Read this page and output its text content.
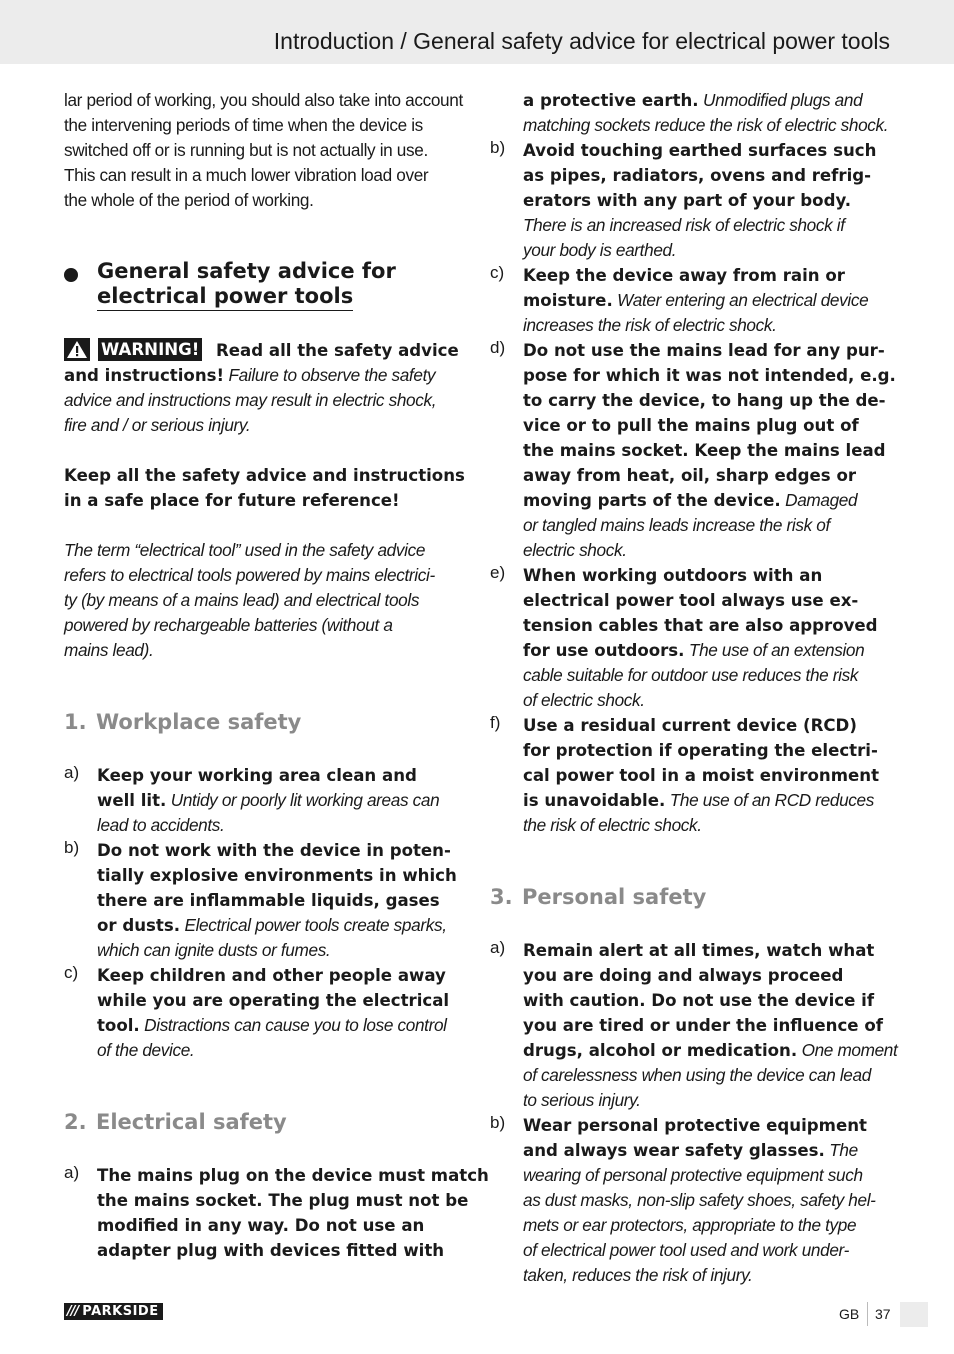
Introduction / General safety advice for electrical power tools
lar period of working, you should also take into account
the intervening periods of time when the device is
switched off or is running but is not actually in use.
This can result in a much lower vibration load over
the whole of the period of working.
General safety advice for
electrical power tools
WARNING! Read all the safety advice
and instructions! Failure to observe the safety
advice and instructions may result in electric shock,
fire and / or serious injury.
Keep all the safety advice and instructions
in a safe place for future reference!
The term “electrical tool” used in the safety advice
refers to electrical tools powered by mains electrici-
ty (by means of a mains lead) and electrical tools
powered by rechargeable batteries (without a
mains lead).
1. Workplace safety
a) Keep your working area clean and
well lit. Untidy or poorly lit working areas can
lead to accidents.
b) Do not work with the device in poten-
tially explosive environments in which
there are inflammable liquids, gases
or dusts. Electrical power tools create sparks,
which can ignite dusts or fumes.
c) Keep children and other people away
while you are operating the electrical
tool. Distractions can cause you to lose control
of the device.
2. Electrical safety
a) The mains plug on the device must match
the mains socket. The plug must not be
modified in any way. Do not use an
adapter plug with devices fitted with
a protective earth. Unmodified plugs and
matching sockets reduce the risk of electric shock.
b) Avoid touching earthed surfaces such
as pipes, radiators, ovens and refrig-
erators with any part of your body.
There is an increased risk of electric shock if
your body is earthed.
c) Keep the device away from rain or
moisture. Water entering an electrical device
increases the risk of electric shock.
d) Do not use the mains lead for any pur-
pose for which it was not intended, e.g.
to carry the device, to hang up the de-
vice or to pull the mains plug out of
the mains socket. Keep the mains lead
away from heat, oil, sharp edges or
moving parts of the device. Damaged
or tangled mains leads increase the risk of
electric shock.
e) When working outdoors with an
electrical power tool always use ex-
tension cables that are also approved
for use outdoors. The use of an extension
cable suitable for outdoor use reduces the risk
of electric shock.
f) Use a residual current device (RCD)
for protection if operating the electri-
cal power tool in a moist environment
is unavoidable. The use of an RCD reduces
the risk of electric shock.
3. Personal safety
a) Remain alert at all times, watch what
you are doing and always proceed
with caution. Do not use the device if
you are tired or under the influence of
drugs, alcohol or medication. One moment
of carelessness when using the device can lead
to serious injury.
b) Wear personal protective equipment
and always wear safety glasses. The
wearing of personal protective equipment such
as dust masks, non-slip safety shoes, safety hel-
mets or ear protectors, appropriate to the type
of electrical power tool used and work under-
taken, reduces the risk of injury.
/// PARKSIDE	GB 37
